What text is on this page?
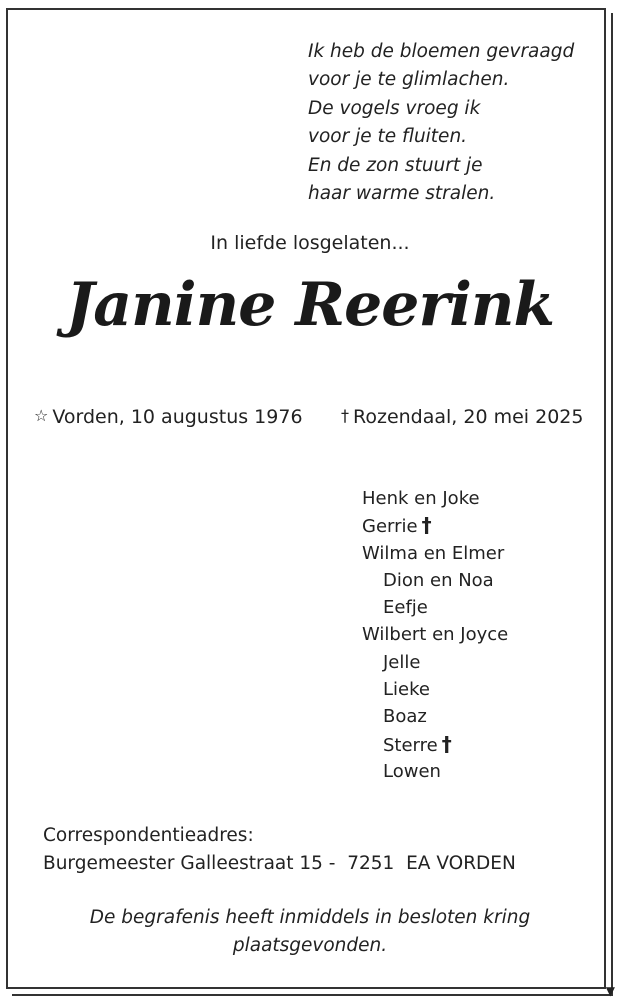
▼
Ik heb de bloemen gevraagd
voor je te glimlachen.
De vogels vroeg ik
voor je te fluiten.
En de zon stuurt je
haar warme stralen.
In liefde losgelaten...
Janine Reerink
☆ Vorden, 10 augustus 1976 † Rozendaal, 20 mei 2025
Henk en Joke
Gerrie †
Wilma en Elmer
Dion en Noa
Eefje
Wilbert en Joyce
Jelle
Lieke
Boaz
Sterre †
Lowen
Correspondentieadres:
Burgemeester Galleestraat 15 -  7251  EA VORDEN
De begrafenis heeft inmiddels in besloten kring
plaatsgevonden.
